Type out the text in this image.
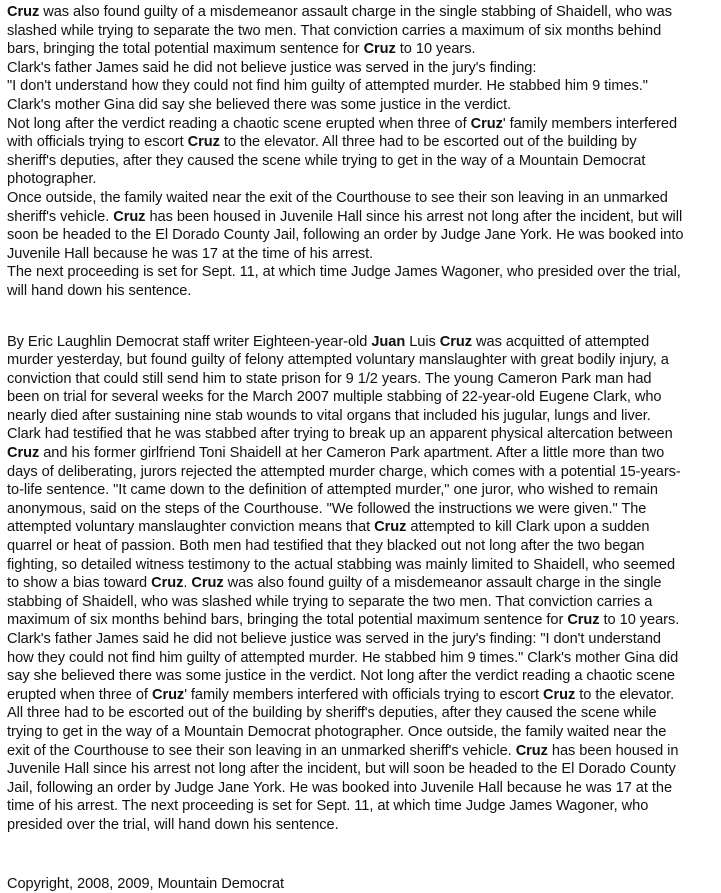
Cruz was also found guilty of a misdemeanor assault charge in the single stabbing of Shaidell, who was
slashed while trying to separate the two men. That conviction carries a maximum of six months behind
bars, bringing the total potential maximum sentence for Cruz to 10 years.
Clark's father James said he did not believe justice was served in the jury's finding:
"I don't understand how they could not find him guilty of attempted murder. He stabbed him 9 times."
Clark's mother Gina did say she believed there was some justice in the verdict.
Not long after the verdict reading a chaotic scene erupted when three of Cruz' family members interfered
with officials trying to escort Cruz to the elevator. All three had to be escorted out of the building by
sheriff's deputies, after they caused the scene while trying to get in the way of a Mountain Democrat
photographer.
Once outside, the family waited near the exit of the Courthouse to see their son leaving in an unmarked
sheriff's vehicle. Cruz has been housed in Juvenile Hall since his arrest not long after the incident, but will
soon be headed to the El Dorado County Jail, following an order by Judge Jane York. He was booked into
Juvenile Hall because he was 17 at the time of his arrest.
The next proceeding is set for Sept. 11, at which time Judge James Wagoner, who presided over the trial,
will hand down his sentence.
By Eric Laughlin Democrat staff writer Eighteen-year-old Juan Luis Cruz was acquitted of attempted
murder yesterday, but found guilty of felony attempted voluntary manslaughter with great bodily injury, a
conviction that could still send him to state prison for 9 1/2 years. The young Cameron Park man had
been on trial for several weeks for the March 2007 multiple stabbing of 22-year-old Eugene Clark, who
nearly died after sustaining nine stab wounds to vital organs that included his jugular, lungs and liver.
Clark had testified that he was stabbed after trying to break up an apparent physical altercation between
Cruz and his former girlfriend Toni Shaidell at her Cameron Park apartment. After a little more than two
days of deliberating, jurors rejected the attempted murder charge, which comes with a potential 15-years-
to-life sentence. "It came down to the definition of attempted murder," one juror, who wished to remain
anonymous, said on the steps of the Courthouse. "We followed the instructions we were given." The
attempted voluntary manslaughter conviction means that Cruz attempted to kill Clark upon a sudden
quarrel or heat of passion. Both men had testified that they blacked out not long after the two began
fighting, so detailed witness testimony to the actual stabbing was mainly limited to Shaidell, who seemed
to show a bias toward Cruz. Cruz was also found guilty of a misdemeanor assault charge in the single
stabbing of Shaidell, who was slashed while trying to separate the two men. That conviction carries a
maximum of six months behind bars, bringing the total potential maximum sentence for Cruz to 10 years.
Clark's father James said he did not believe justice was served in the jury's finding: "I don't understand
how they could not find him guilty of attempted murder. He stabbed him 9 times." Clark's mother Gina did
say she believed there was some justice in the verdict. Not long after the verdict reading a chaotic scene
erupted when three of Cruz' family members interfered with officials trying to escort Cruz to the elevator.
All three had to be escorted out of the building by sheriff's deputies, after they caused the scene while
trying to get in the way of a Mountain Democrat photographer. Once outside, the family waited near the
exit of the Courthouse to see their son leaving in an unmarked sheriff's vehicle. Cruz has been housed in
Juvenile Hall since his arrest not long after the incident, but will soon be headed to the El Dorado County
Jail, following an order by Judge Jane York. He was booked into Juvenile Hall because he was 17 at the
time of his arrest. The next proceeding is set for Sept. 11, at which time Judge James Wagoner, who
presided over the trial, will hand down his sentence.
Copyright, 2008, 2009, Mountain Democrat
